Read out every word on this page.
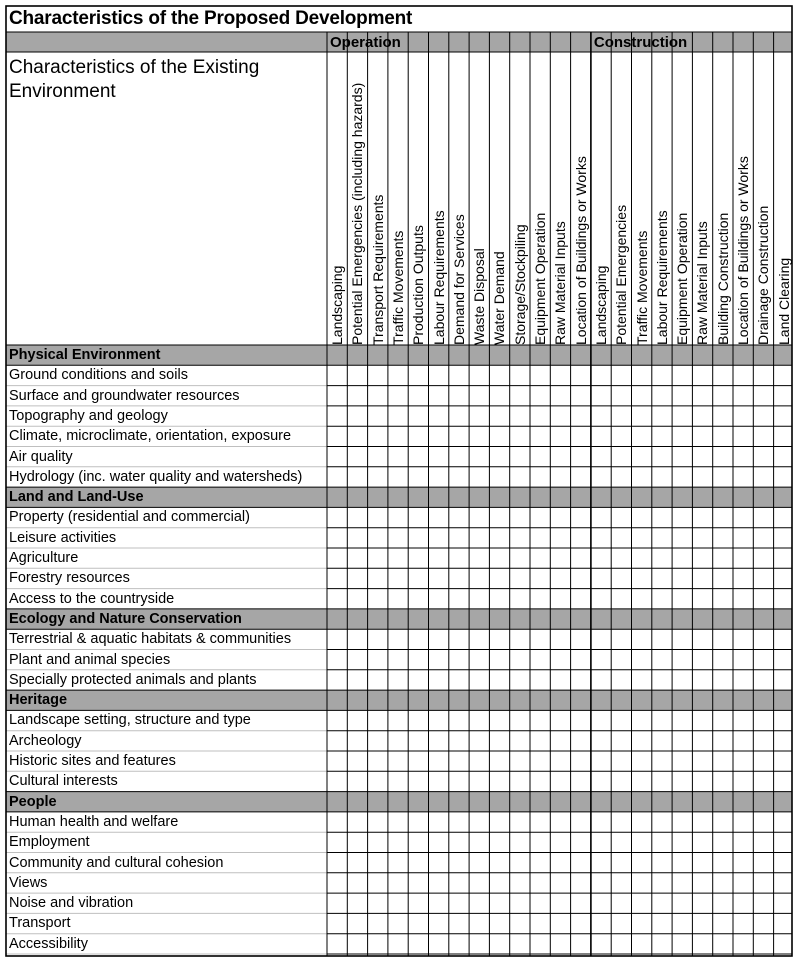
Characteristics of the Proposed Development
Characteristics of the Existing Environment
Operation	Construction
Landscaping Potential Emergencies (including hazards) Transport Requirements Traffic Movements Production Outputs Labour Requirements Demand for Services Waste Disposal Water Demand Storage/Stockpiling Equipment Operation Raw Material Inputs Location of Buildings or Works Landscaping Potential Emergencies Traffic Movements Labour Requirements Equipment Operation Raw Material Inputs Building Construction Location of Buildings or Works Drainage Construction Land Clearing
Physical Environment
Ground conditions and soils
Surface and groundwater resources
Topography and geology
Climate, microclimate, orientation, exposure
Air quality
Hydrology (inc. water quality and watersheds)
Land and Land-Use
Property (residential and commercial)
Leisure activities
Agriculture
Forestry resources
Access to the countryside
Ecology and Nature Conservation
Terrestrial & aquatic habitats & communities
Plant and animal species
Specially protected animals and plants
Heritage
Landscape setting, structure and type
Archeology
Historic sites and features
Cultural interests
People
Human health and welfare
Employment
Community and cultural cohesion
Views
Noise and vibration
Transport
Accessibility
